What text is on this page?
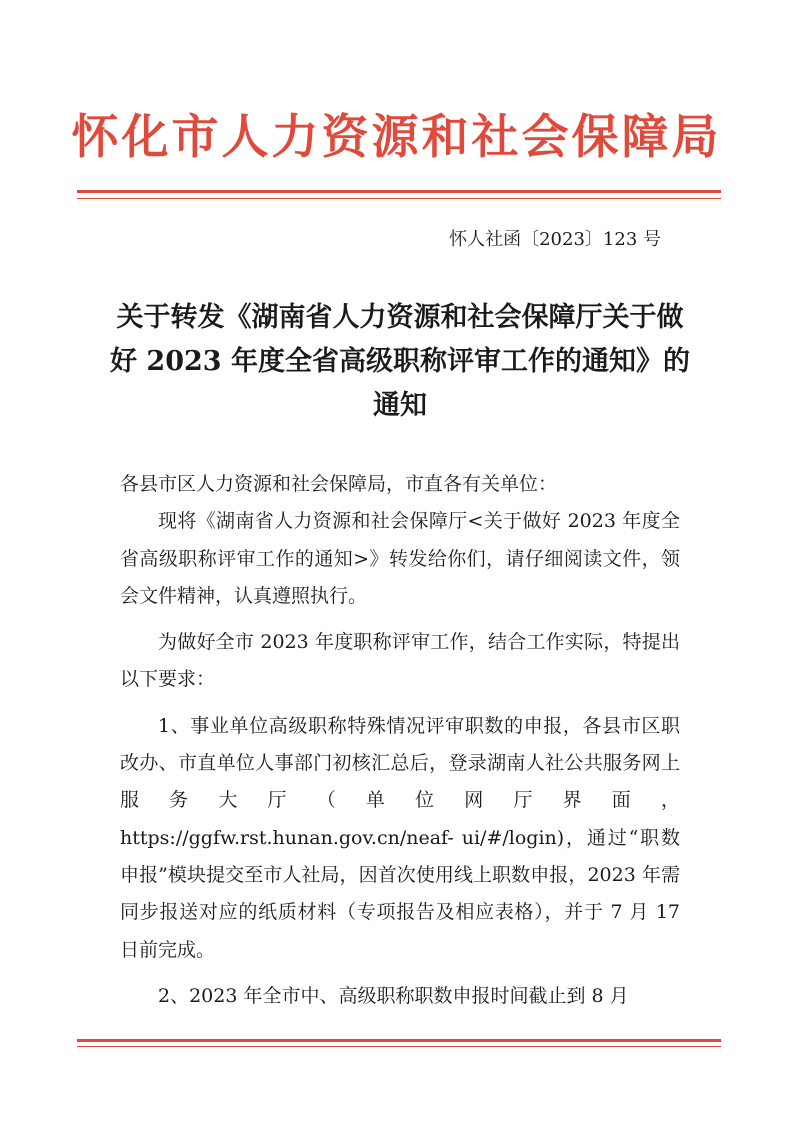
怀化市人力资源和社会保障局
怀人社函〔2023〕123 号
关于转发《湖南省人力资源和社会保障厅关于做好 2023 年度全省高级职称评审工作的通知》的通知

各县市区人力资源和社会保障局，市直各有关单位：

现将《湖南省人力资源和社会保障厅<关于做好 2023 年度全省高级职称评审工作的通知>》转发给你们，请仔细阅读文件，领会文件精神，认真遵照执行。

为做好全市 2023 年度职称评审工作，结合工作实际，特提出以下要求：

1、事业单位高级职称特殊情况评审职数的申报，各县市区职改办、市直单位人事部门初核汇总后，登录湖南人社公共服务网上服务大厅（单位网厅界面，https://ggfw.rst.hunan.gov.cn/neaf- ui/#/login)，通过“职数申报”模块提交至市人社局，因首次使用线上职数申报，2023 年需同步报送对应的纸质材料（专项报告及相应表格），并于 7 月 17 日前完成。

2、2023 年全市中、高级职称职数申报时间截止到 8 月
